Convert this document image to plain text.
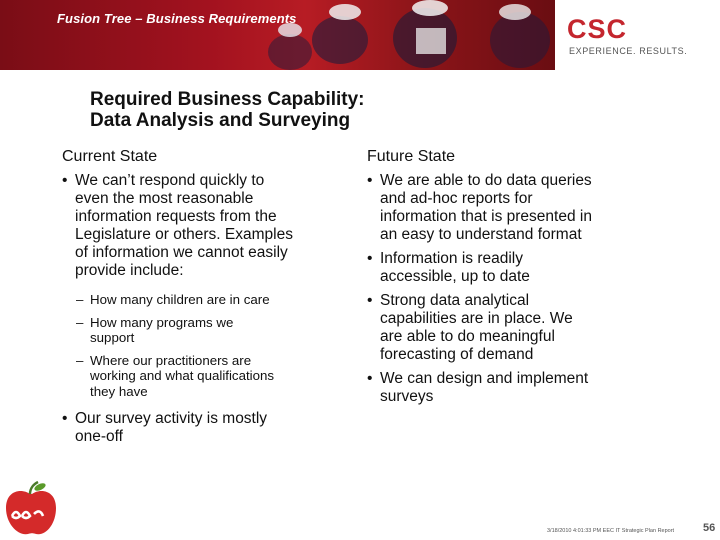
Fusion Tree – Business Requirements	CSC
EXPERIENCE. RESULTS.
Required Business Capability:
Data Analysis and Surveying
Current State
• We can’t respond quickly to
even the most reasonable
information requests from the
Legislature or others. Examples
of information we cannot easily
provide include:
– How many children are in care
– How many programs we
support
– Where our practitioners are
working and what qualifications
they have
• Our survey activity is mostly
one-off
Future State
• We are able to do data queries
and ad-hoc reports for
information that is presented in
an easy to understand format
• Information is readily
accessible, up to date
• Strong data analytical
capabilities are in place. We
are able to do meaningful
forecasting of demand
• We can design and implement
surveys
3/18/2010 4:01:33 PM EEC IT Strategic Plan Report	56
